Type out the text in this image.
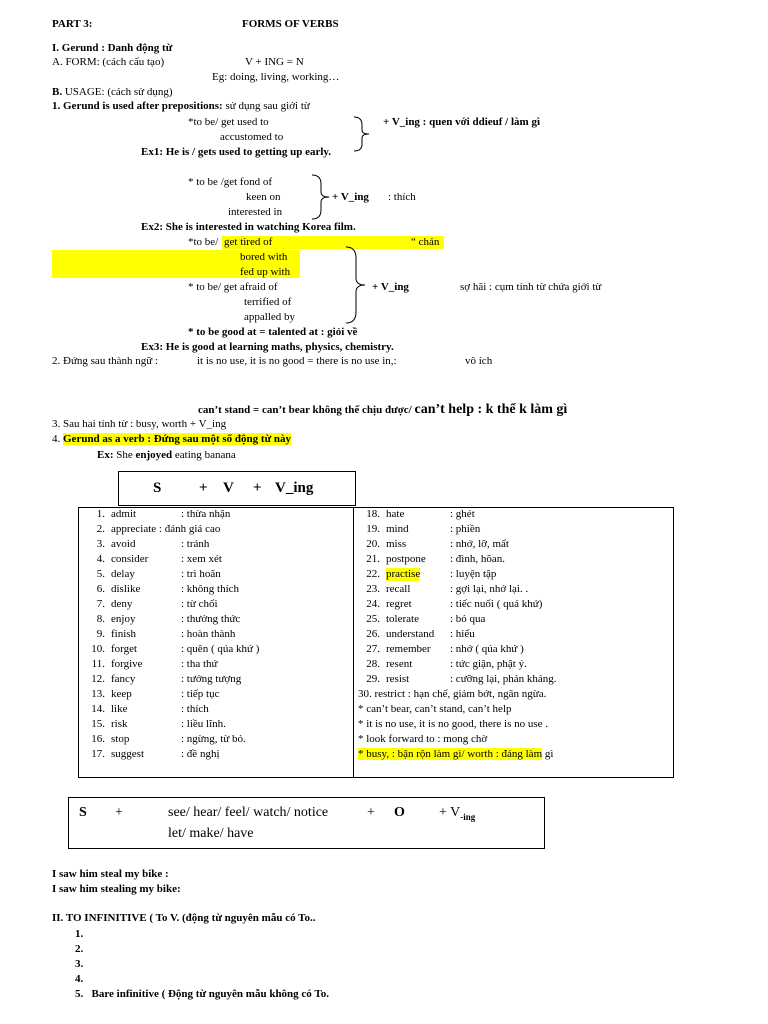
PART 3:	FORMS OF VERBS
I. Gerund : Danh động từ
A. FORM: (cách cấu tạo)	V + ING = N
Eg: doing, living, working…
B. USAGE: (cách sử dụng)
1. Gerund is used after prepositions: sử dụng sau giới từ
*to be/ get used to
accustomed to
+ V_ing : quen với ddieuf / làm gì
Ex1: He is / gets used to getting up early.
* to be /get fond of
keen on
interested in
+ V_ing : thích
Ex2: She is interested in watching Korea film.
*to be/ get tired of	“ chán
bored with
fed up with
* to be/ get afraid of
terrified of
appalled by
+ V_ing	sợ hãi : cụm tính từ chứa giới từ
* to be good at = talented at : giỏi về
Ex3: He is good at learning maths, physics, chemistry.
2. Đứng sau thành ngữ :	it is no use, it is no good = there is no use in,:	vô ích
can’t stand = can’t bear không thể chịu được/ can’t help : k thể k làm gì
3. Sau hai tính từ : busy, worth + V_ing
4. Gerund as a verb : Đứng sau một số động từ này
Ex: She enjoyed eating banana
S	+ V + V_ing
1. admit	: thừa nhận
2. appreciate : đánh giá cao
3. avoid	: tránh
4. consider	: xem xét
5. delay	: trì hoãn
6. dislike	: không thích
7. deny	: từ chối
8. enjoy	: thưởng thức
9. finish	: hoàn thành
10. forget	: quên ( qúa khứ )
11. forgive	: tha thứ
12. fancy	: tưởng tượng
13. keep	: tiếp tục
14. like	: thích
15. risk	: liều lĩnh.
16. stop	: ngừng, từ bỏ.
17. suggest	: đề nghị
18. hate	: ghét
19. mind	: phiền
20. miss	: nhớ, lỡ, mất
21. postpone : đình, hõan.
22. practise	: luyện tập
23. recall	: gợi lại, nhớ lại. .
24. regret	: tiếc nuối ( quá khứ)
25. tolerate	: bỏ qua
26. understand : hiểu
27. remember : nhớ ( qúa khứ )
28. resent	: tức giận, phật ý.
29. resist	: cưỡng lại, phản kháng.
30. restrict : hạn chế, giảm bớt, ngăn ngừa.
* can’t bear, can’t stand, can’t help
* it is no use, it is no good, there is no use .
* look forward to : mong chờ
* busy, : bận rộn làm gì/ worth : đáng làm gì
S +	see/ hear/ feel/ watch/ notice	+ $O + V_{-ing}$
let/ make/ have
I saw him steal my bike :
I saw him stealing my bike:
II. TO INFINITIVE ( To V. (động từ nguyên mẫu có To..
1.
2.
3.
4.
5. Bare infinitive ( Động từ nguyên mẫu không có To.
